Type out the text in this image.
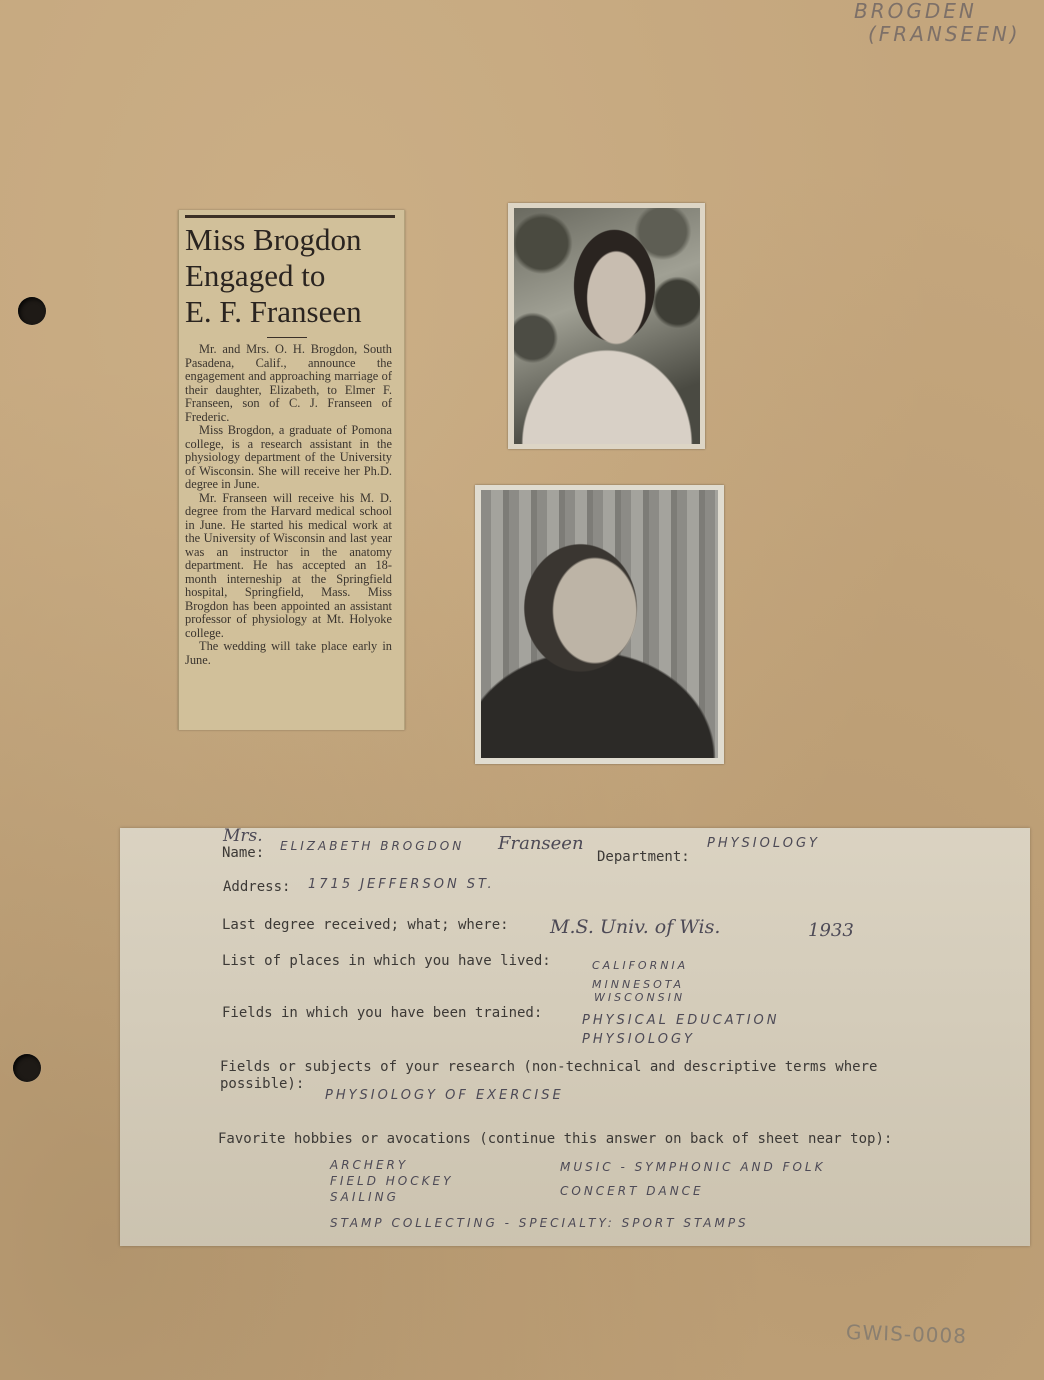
BROGDEN
(FRANSEEN)
Miss Brogdon
Engaged to
E. F. Franseen

Mr. and Mrs. O. H. Brogdon, South Pasadena, Calif., announce the engagement and approaching marriage of their daughter, Elizabeth, to Elmer F. Franseen, son of C. J. Franseen of Frederic.

Miss Brogdon, a graduate of Pomona college, is a research assistant in the physiology department of the University of Wisconsin. She will receive her Ph.D. degree in June.

Mr. Franseen will receive his M. D. degree from the Harvard medical school in June. He started his medical work at the University of Wisconsin and last year was an instructor in the anatomy department. He has accepted an 18-month interneship at the Springfield hospital, Springfield, Mass. Miss Brogdon has been appointed an assistant professor of physiology at Mt. Holyoke college.

The wedding will take place early in June.

Mrs.
Name: ELIZABETH BROGDON Franseen
Department:
PHYSIOLOGY
Address: 1715 JEFFERSON ST.
Last degree received; what; where: M.S. Univ. of Wis.	1933
List of places in which you have lived:	CALIFORNIA
MINNESOTA
WISCONSIN
Fields in which you have been trained:	PHYSICAL EDUCATION
PHYSIOLOGY
Fields or subjects of your research (non-technical and descriptive terms where
possible):
PHYSIOLOGY OF EXERCISE
Favorite hobbies or avocations (continue this answer on back of sheet near top):
ARCHERY
FIELD HOCKEY
SAILING
MUSIC - SYMPHONIC AND FOLK
CONCERT DANCE
STAMP COLLECTING - SPECIALTY: SPORT STAMPS
GWIS-0008
